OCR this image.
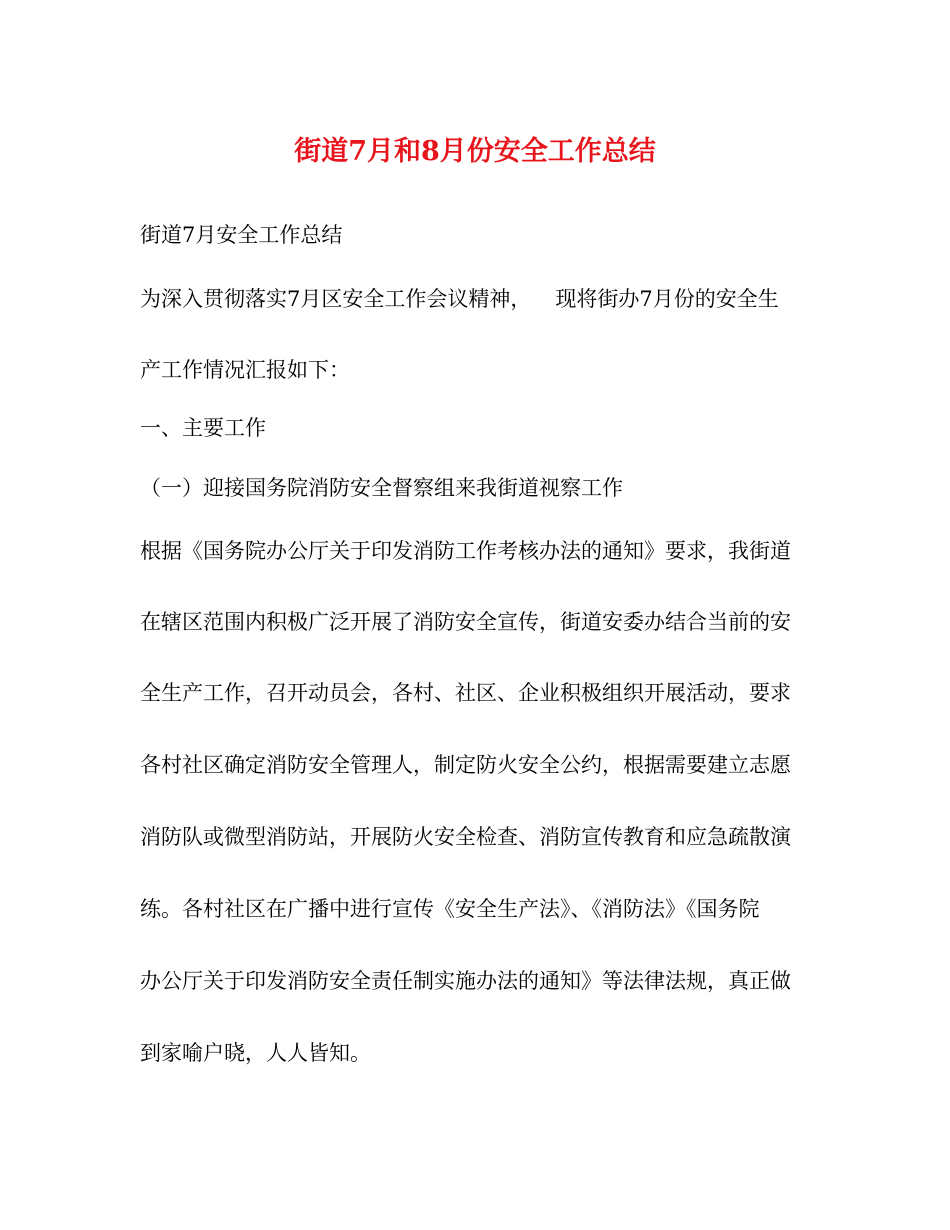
街道7月和8月份安全工作总结
街道7月安全工作总结
为深入贯彻落实7月区安全工作会议精神， 现将街办7月份的安全生
产工作情况汇报如下：
一、主要工作
（一）迎接国务院消防安全督察组来我街道视察工作
根据《国务院办公厅关于印发消防工作考核办法的通知》要求，我街道
在辖区范围内积极广泛开展了消防安全宣传，街道安委办结合当前的安
全生产工作，召开动员会，各村、社区、企业积极组织开展活动，要求
各村社区确定消防安全管理人，制定防火安全公约，根据需要建立志愿
消防队或微型消防站，开展防火安全检查、消防宣传教育和应急疏散演
练。各村社区在广播中进行宣传《安全生产法》、《消防法》《国务院
办公厅关于印发消防安全责任制实施办法的通知》等法律法规，真正做
到家喻户晓，人人皆知。
